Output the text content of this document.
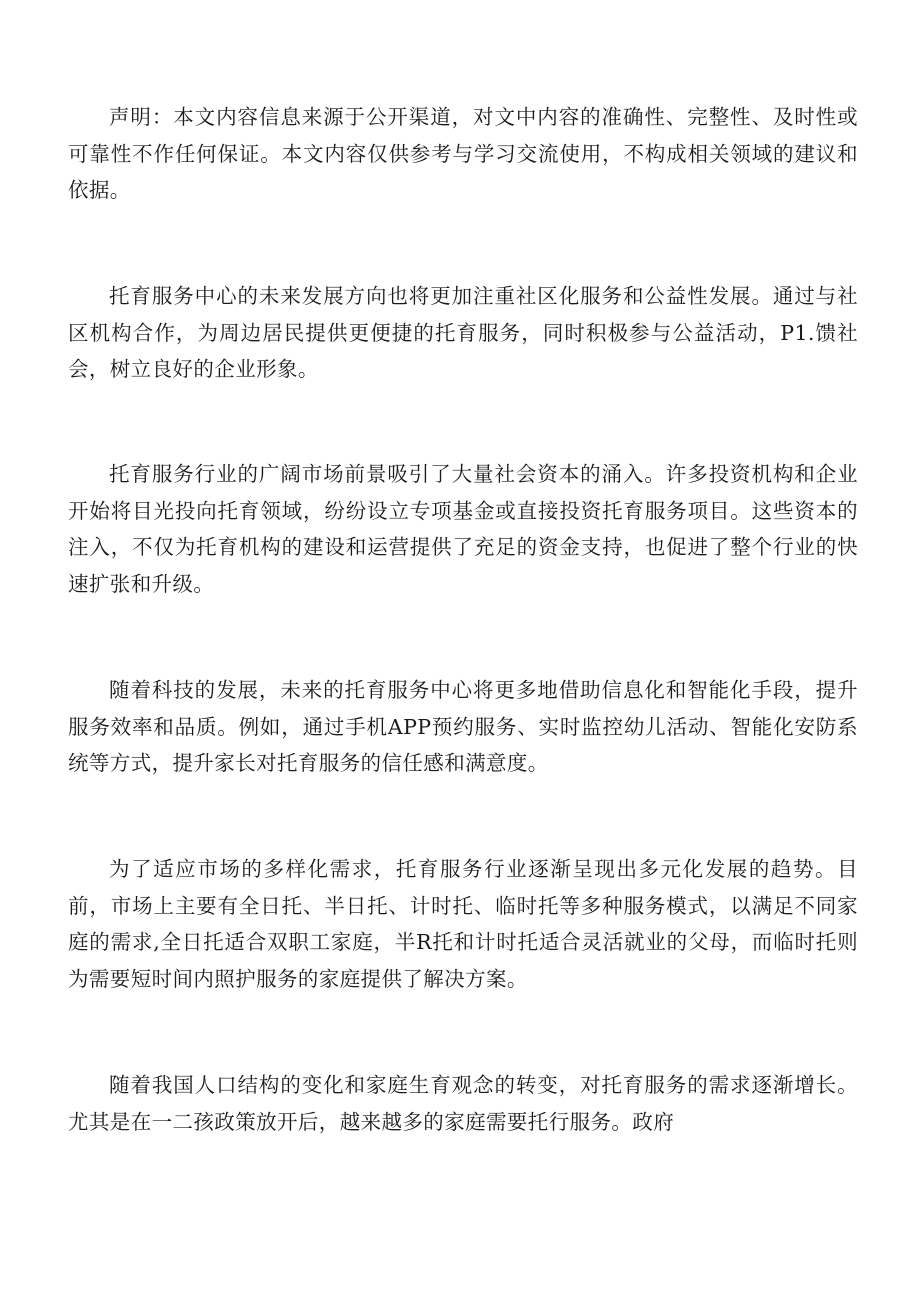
声明：本文内容信息来源于公开渠道，对文中内容的准确性、完整性、及时性或可靠性不作任何保证。本文内容仅供参考与学习交流使用，不构成相关领域的建议和依据。

托育服务中心的未来发展方向也将更加注重社区化服务和公益性发展。通过与社区机构合作，为周边居民提供更便捷的托育服务，同时积极参与公益活动，P1.馈社会，树立良好的企业形象。

托育服务行业的广阔市场前景吸引了大量社会资本的涌入。许多投资机构和企业开始将目光投向托育领域，纷纷设立专项基金或直接投资托育服务项目。这些资本的注入，不仅为托育机构的建设和运营提供了充足的资金支持，也促进了整个行业的快速扩张和升级。

随着科技的发展，未来的托育服务中心将更多地借助信息化和智能化手段，提升服务效率和品质。例如，通过手机APP预约服务、实时监控幼儿活动、智能化安防系统等方式，提升家长对托育服务的信任感和满意度。

为了适应市场的多样化需求，托育服务行业逐渐呈现出多元化发展的趋势。目前，市场上主要有全日托、半日托、计时托、临时托等多种服务模式，以满足不同家庭的需求,全日托适合双职工家庭，半R托和计时托适合灵活就业的父母，而临时托则为需要短时间内照护服务的家庭提供了解决方案。

随着我国人口结构的变化和家庭生育观念的转变，对托育服务的需求逐渐增长。尤其是在一二孩政策放开后，越来越多的家庭需要托行服务。政府
